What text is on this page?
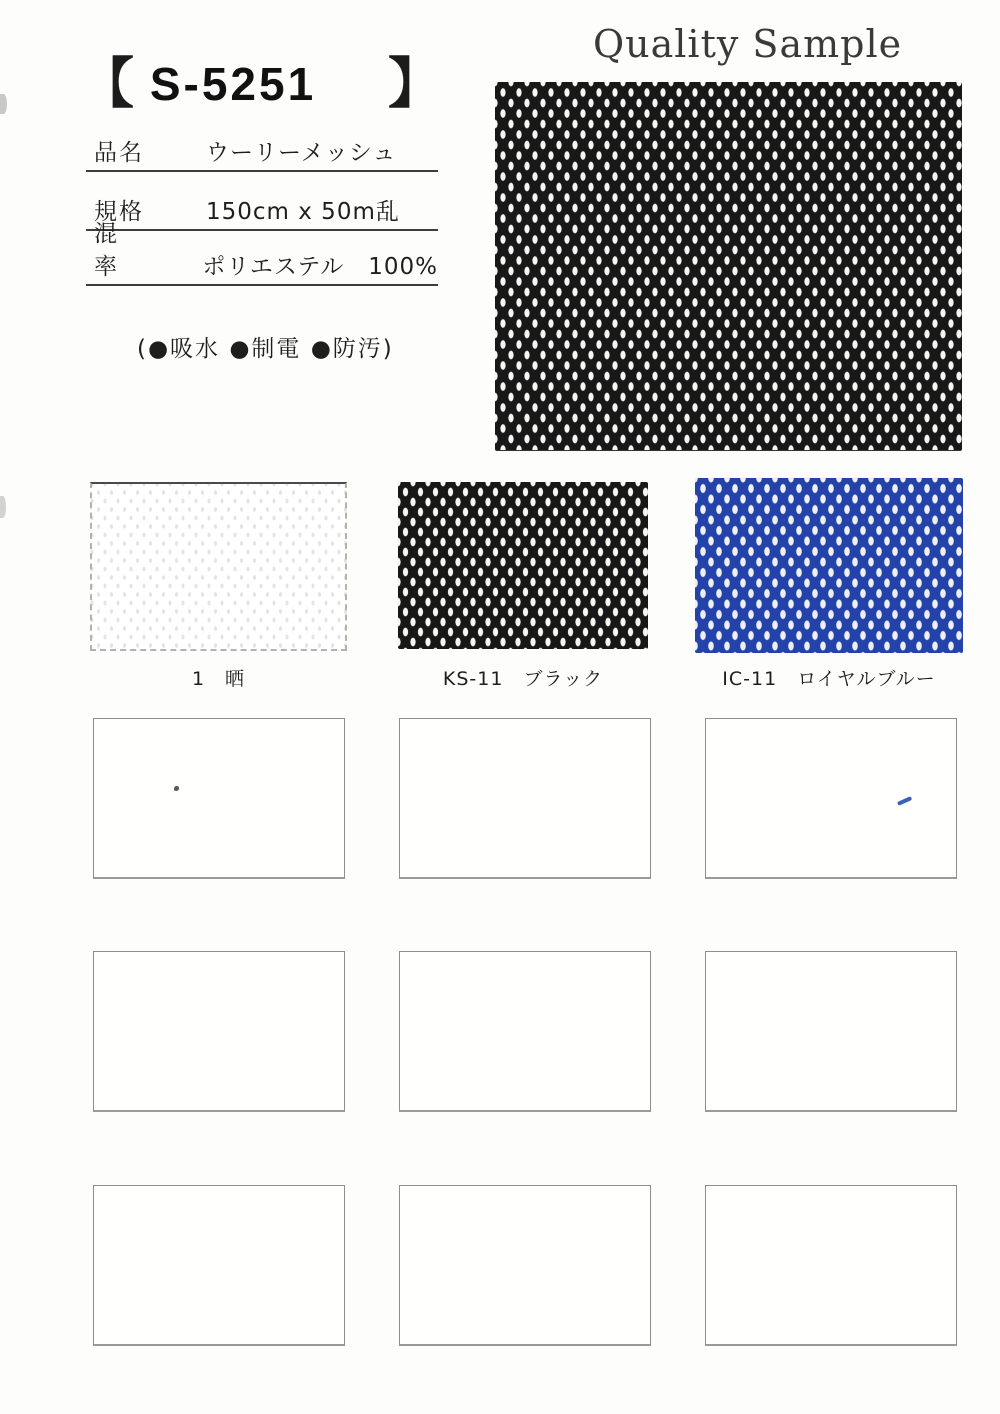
Quality Sample
【 S-5251 】
品名	ウーリーメッシュ
規格	150cm x 50m乱
混率	ポリエステル　100%
(●吸水 ●制電 ●防汚)
1　晒	KS-11　ブラック	IC-11　ロイヤルブルー
